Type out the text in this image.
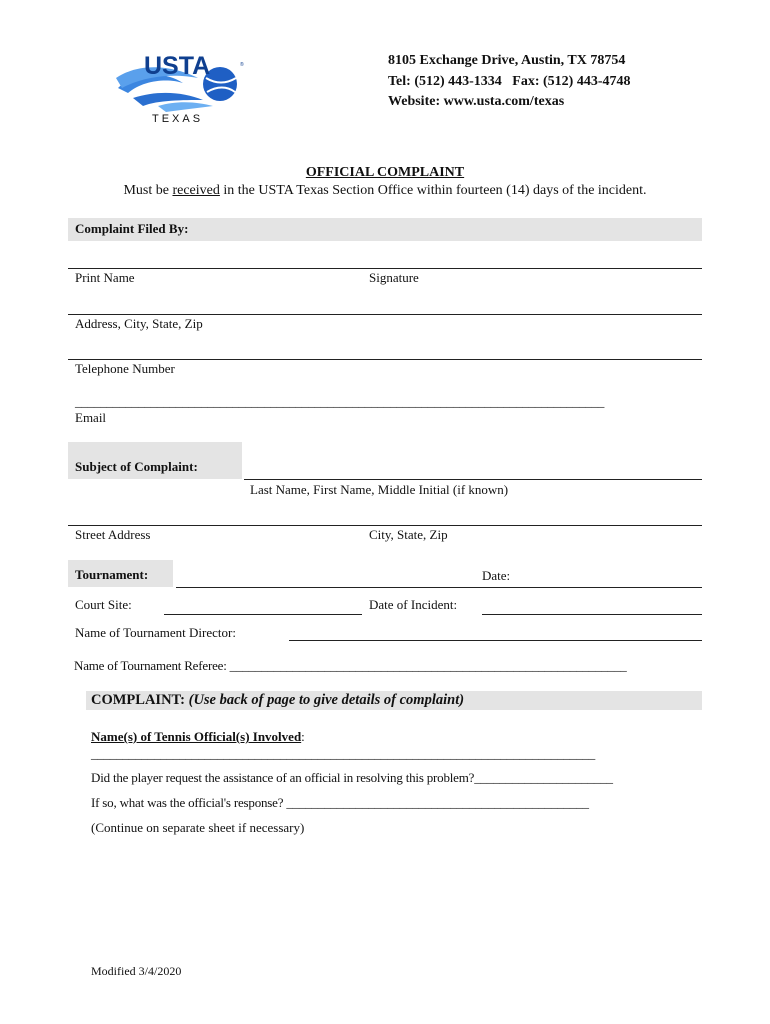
USTA	®
TEXAS
8105 Exchange Drive, Austin, TX 78754
Tel: (512) 443-1334   Fax: (512) 443-4748
Website: www.usta.com/texas
OFFICIAL COMPLAINT
Must be received in the USTA Texas Section Office within fourteen (14) days of the incident.
Complaint Filed By:
Print Name	Signature
Address, City, State, Zip
Telephone Number
____________________________________________________________________________________
Email
Subject of Complaint:
Last Name, First Name, Middle Initial (if known)
Street Address	City, State, Zip
Tournament:	Date:
Court Site:	Date of Incident:
Name of Tournament Director:
Name of Tournament Referee: _______________________________________________________________
COMPLAINT: (Use back of page to give details of complaint)
Name(s) of Tennis Official(s) Involved:
________________________________________________________________________________
Did the player request the assistance of an official in resolving this problem?______________________
If so, what was the official's response? ________________________________________________
(Continue on separate sheet if necessary)
Modified 3/4/2020
